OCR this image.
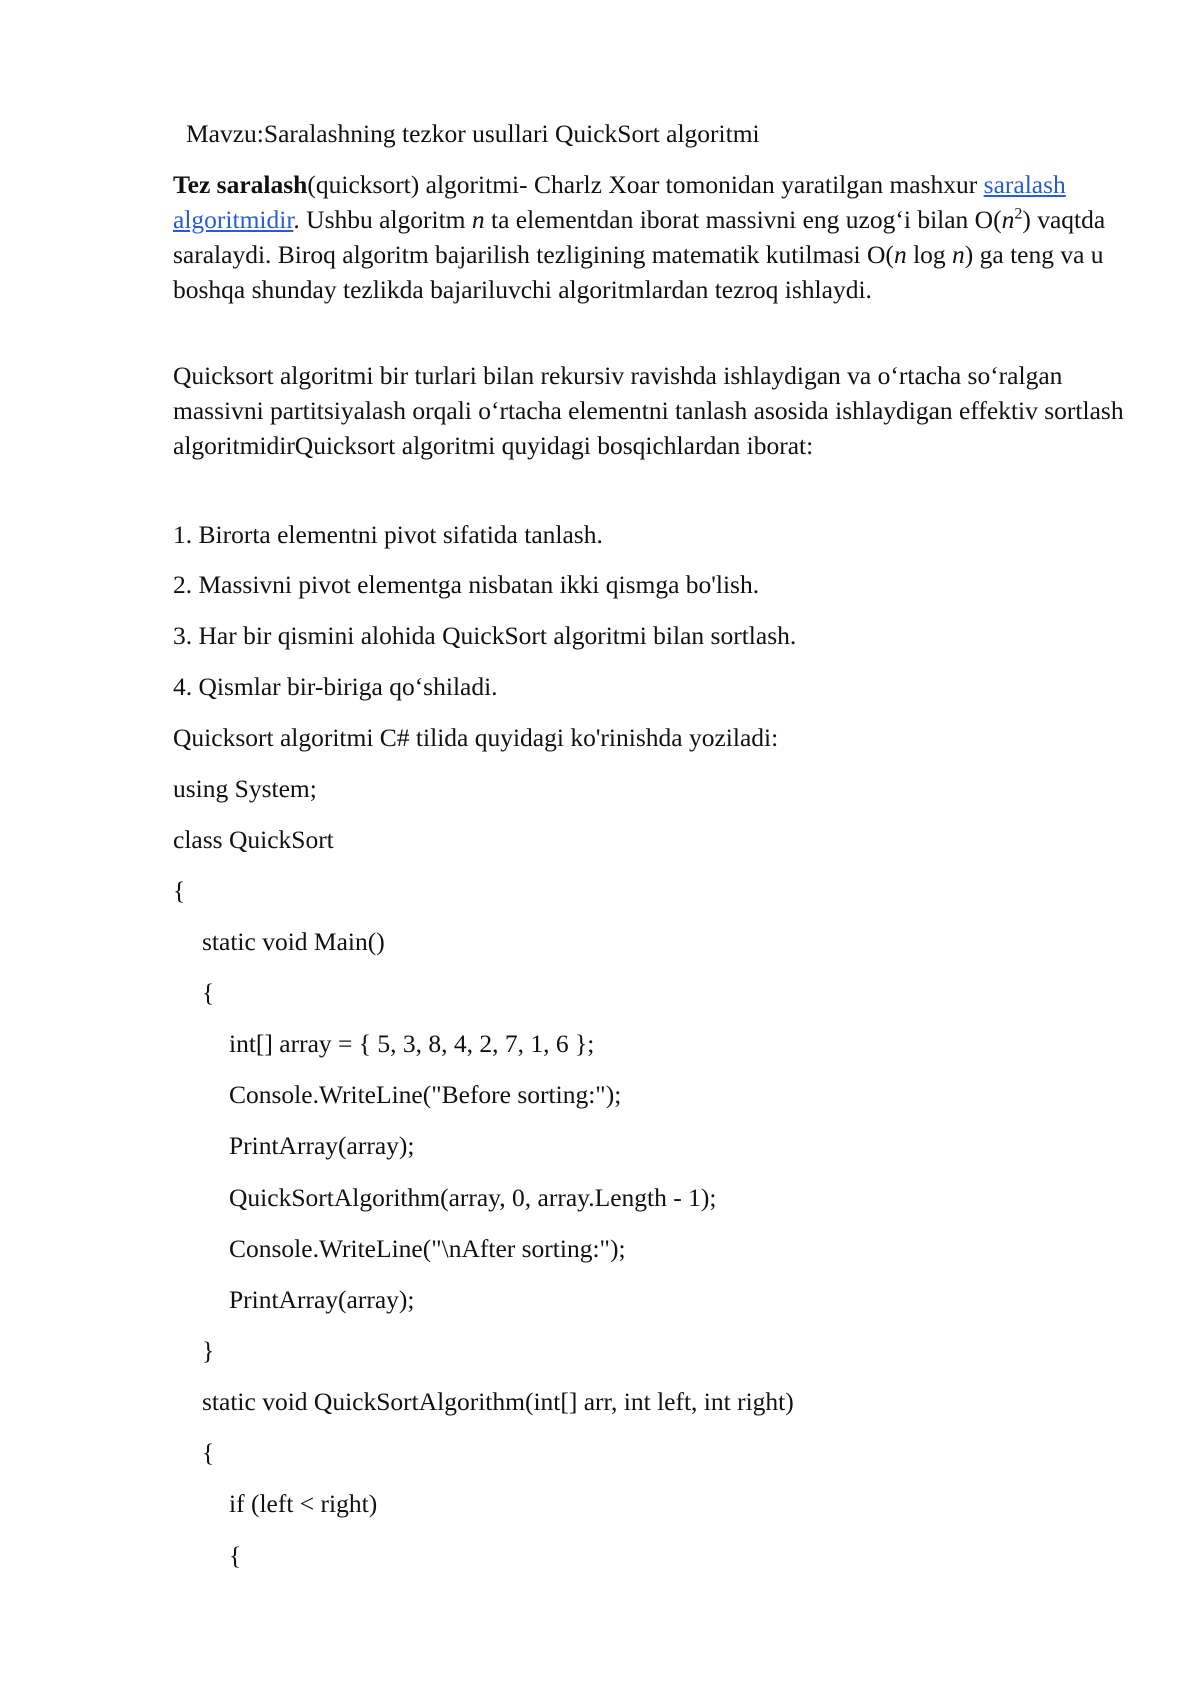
Mavzu:Saralashning tezkor usullari QuickSort algoritmi

Tez saralash(quicksort) algoritmi- Charlz Xoar tomonidan yaratilgan mashxur saralash algoritmidir. Ushbu algoritm n ta elementdan iborat massivni eng uzog‘i bilan $O(n^2)$ vaqtda saralaydi. Biroq algoritm bajarilish tezligining matematik kutilmasi O(n log n) ga teng va u boshqa shunday tezlikda bajariluvchi algoritmlardan tezroq ishlaydi.

Quicksort algoritmi bir turlari bilan rekursiv ravishda ishlaydigan va o‘rtacha so‘ralgan massivni partitsiyalash orqali o‘rtacha elementni tanlash asosida ishlaydigan effektiv sortlash algoritmidirQuicksort algoritmi quyidagi bosqichlardan iborat:

1. Birorta elementni pivot sifatida tanlash.

2. Massivni pivot elementga nisbatan ikki qismga bo'lish.

3. Har bir qismini alohida QuickSort algoritmi bilan sortlash.

4. Qismlar bir-biriga qo‘shiladi.

Quicksort algoritmi C# tilida quyidagi ko'rinishda yoziladi:

using System;

class QuickSort

{

static void Main()

{

int[] array = { 5, 3, 8, 4, 2, 7, 1, 6 };

Console.WriteLine("Before sorting:");

PrintArray(array);

QuickSortAlgorithm(array, 0, array.Length - 1);

Console.WriteLine("\nAfter sorting:");

PrintArray(array);

}

static void QuickSortAlgorithm(int[] arr, int left, int right)

{

if (left < right)

{
